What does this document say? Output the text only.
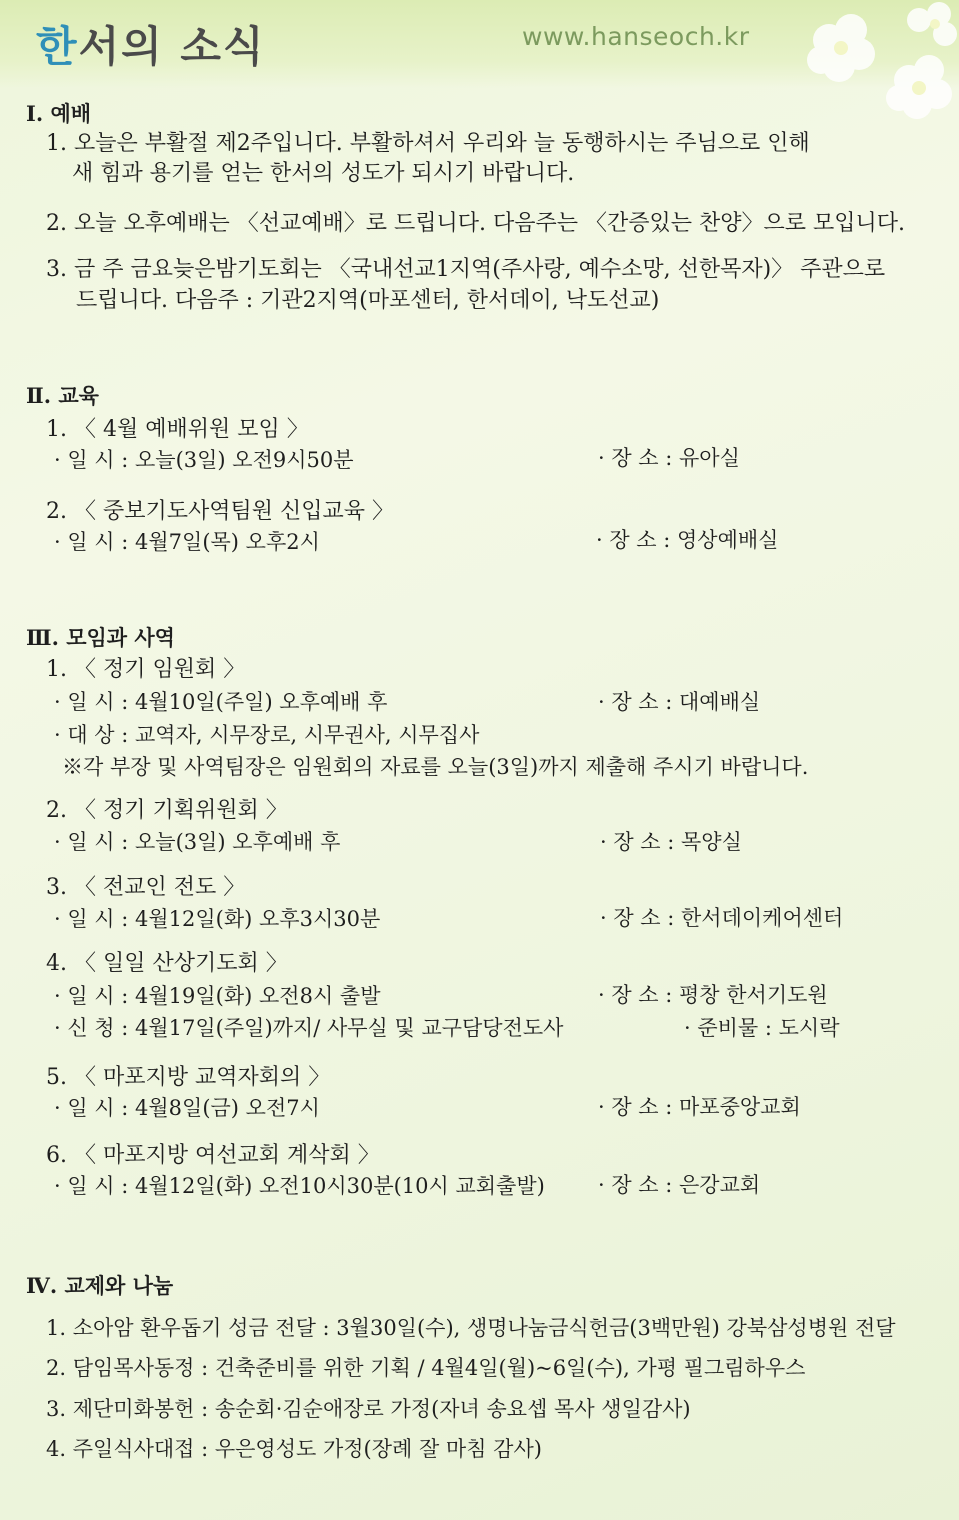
한서의 소식	www.hanseoch.kr
Ⅰ. 예배
1. 오늘은 부활절 제2주입니다. 부활하셔서 우리와 늘 동행하시는 주님으로 인해
새 힘과 용기를 얻는 한서의 성도가 되시기 바랍니다.
2. 오늘 오후예배는 〈선교예배〉로 드립니다. 다음주는 〈간증있는 찬양〉으로 모입니다.
3. 금 주 금요늦은밤기도회는 〈국내선교1지역(주사랑, 예수소망, 선한목자)〉 주관으로
드립니다. 다음주 : 기관2지역(마포센터, 한서데이, 낙도선교)
Ⅱ. 교육
1. 〈 4월 예배위원 모임 〉
· 일 시 : 오늘(3일) 오전9시50분	· 장 소 : 유아실
2. 〈 중보기도사역팀원 신입교육 〉
· 일 시 : 4월7일(목) 오후2시	· 장 소 : 영상예배실
Ⅲ. 모임과 사역
1. 〈 정기 임원회 〉
· 일 시 : 4월10일(주일) 오후예배 후	· 장 소 : 대예배실
· 대 상 : 교역자, 시무장로, 시무권사, 시무집사
※각 부장 및 사역팀장은 임원회의 자료를 오늘(3일)까지 제출해 주시기 바랍니다.
2. 〈 정기 기획위원회 〉
· 일 시 : 오늘(3일) 오후예배 후	· 장 소 : 목양실
3. 〈 전교인 전도 〉
· 일 시 : 4월12일(화) 오후3시30분	· 장 소 : 한서데이케어센터
4. 〈 일일 산상기도회 〉
· 일 시 : 4월19일(화) 오전8시 출발	· 장 소 : 평창 한서기도원
· 신 청 : 4월17일(주일)까지/ 사무실 및 교구담당전도사	· 준비물 : 도시락
5. 〈 마포지방 교역자회의 〉
· 일 시 : 4월8일(금) 오전7시	· 장 소 : 마포중앙교회
6. 〈 마포지방 여선교회 계삭회 〉
· 일 시 : 4월12일(화) 오전10시30분(10시 교회출발)	· 장 소 : 은강교회
Ⅳ. 교제와 나눔
1. 소아암 환우돕기 성금 전달 : 3월30일(수), 생명나눔금식헌금(3백만원) 강북삼성병원 전달
2. 담임목사동정 : 건축준비를 위한 기획 / 4월4일(월)~6일(수), 가평 필그림하우스
3. 제단미화봉헌 : 송순회·김순애장로 가정(자녀 송요셉 목사 생일감사)
4. 주일식사대접 : 우은영성도 가정(장례 잘 마침 감사)
